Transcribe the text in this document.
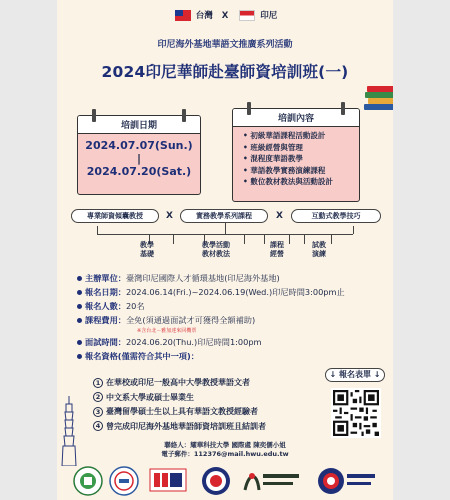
台灣 X	印尼
印尼海外基地華語文推廣系列活動
2024印尼華師赴臺師資培訓班(一)
培訓日期
2024.07.07(Sun.)
|
2024.07.20(Sat.)
培訓內容
• 初級華語課程活動設計
• 班級經營與管理
• 混程度華語教學
• 華語教學實務演練課程
• 數位教材教法與活動設計
專業師資傾囊教授	X	實務教學系列課程	X	互動式教學技巧
教學
基礎
教學活動
教材教法
課程
經營
試教
演練
主辦單位：臺灣印尼國際人才循環基地(印尼海外基地)
報名日期：2024.06.14(Fri.)~2024.06.19(Wed.)印尼時間3:00pm止
報名人數：20名
課程費用：全免(須通過面試才可獲得全額補助)
※含台北－雅加達來回機票
面試時間：2024.06.20(Thu.)印尼時間1:00pm
報名資格(僅需符合其中一項)：
1 在華校或印尼一般高中大學教授華語文者
2 中文系大學或碩士畢業生
3 臺灣留學碩士生以上具有華語文教授經驗者
4 曾完成印尼海外基地華語師資培訓班且結訓者
↓ 報名表單 ↓
聯絡人：耀華科技大學 國際處 陳奕儒小姐
電子郵件：112376@mail.hwu.edu.tw
